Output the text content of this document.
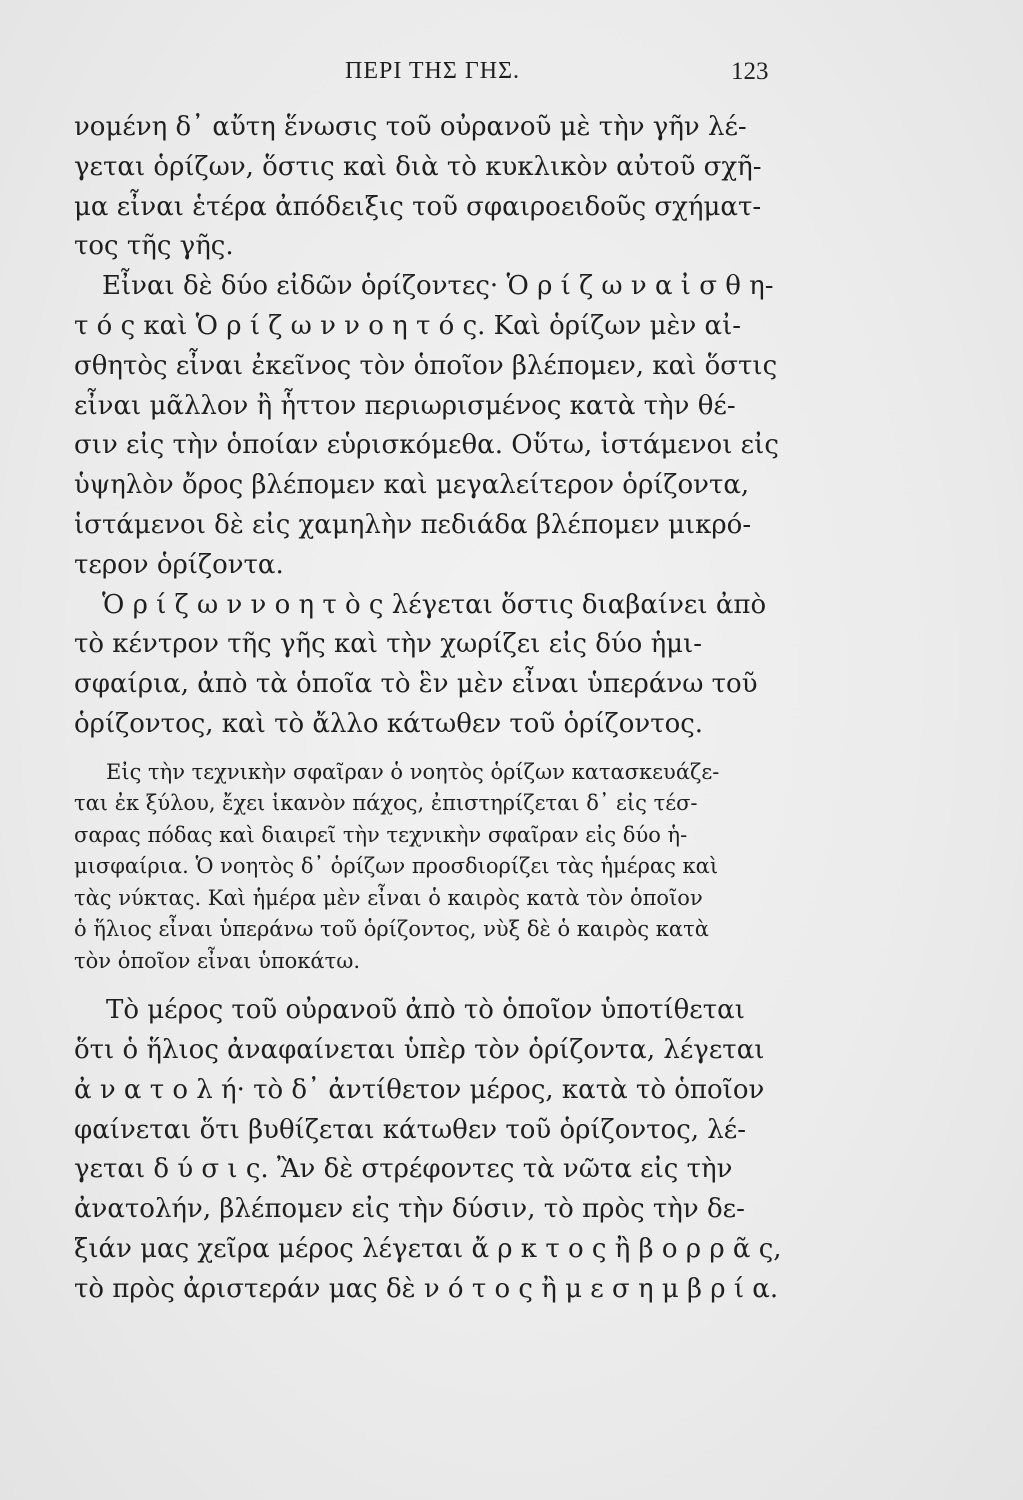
ΠΕΡΙ ΤΗΣ ΓΗΣ.	123
νομένη δ᾽ αὔτη ἕνωσις τοῦ οὐρανοῦ μὲ τὴν γῆν λέ-
γεται ὁρίζων, ὅστις καὶ διὰ τὸ κυκλικὸν αὐτοῦ σχῆ-
μα εἶναι ἑτέρα ἀπόδειξις τοῦ σφαιροειδοῦς σχήματ-
τος τῆς γῆς.
Εἶναι δὲ δύο εἰδῶν ὁρίζοντες· Ὁ ρ ί ζ ω ν α ἰ σ θ η-
τ ό ς καὶ Ὁ ρ ί ζ ω ν ν ο η τ ό ς. Καὶ ὁρίζων μὲν αἰ-
σθητὸς εἶναι ἐκεῖνος τὸν ὁποῖον βλέπομεν, καὶ ὅστις
εἶναι μᾶλλον ἢ ἧττον περιωρισμένος κατὰ τὴν θέ-
σιν εἰς τὴν ὁποίαν εὑρισκόμεθα. Οὕτω, ἱστάμενοι εἰς
ὑψηλὸν ὄρος βλέπομεν καὶ μεγαλείτερον ὁρίζοντα,
ἱστάμενοι δὲ εἰς χαμηλὴν πεδιάδα βλέπομεν μικρό-
τερον ὁρίζοντα.
Ὁ ρ ί ζ ω ν ν ο η τ ὸ ς λέγεται ὅστις διαβαίνει ἀπὸ
τὸ κέντρον τῆς γῆς καὶ τὴν χωρίζει εἰς δύο ἡμι-
σφαίρια, ἀπὸ τὰ ὁποῖα τὸ ἓν μὲν εἶναι ὑπεράνω τοῦ
ὁρίζοντος, καὶ τὸ ἄλλο κάτωθεν τοῦ ὁρίζοντος.
Εἰς τὴν τεχνικὴν σφαῖραν ὁ νοητὸς ὁρίζων κατασκευάζε-
ται ἐκ ξύλου, ἔχει ἱκανὸν πάχος, ἐπιστηρίζεται δ᾽ εἰς τέσ-
σαρας πόδας καὶ διαιρεῖ τὴν τεχνικὴν σφαῖραν εἰς δύο ἡ-
μισφαίρια. Ὁ νοητὸς δ᾽ ὁρίζων προσδιορίζει τὰς ἡμέρας καὶ
τὰς νύκτας. Καὶ ἡμέρα μὲν εἶναι ὁ καιρὸς κατὰ τὸν ὁποῖον
ὁ ἥλιος εἶναι ὑπεράνω τοῦ ὁρίζοντος, νὺξ δὲ ὁ καιρὸς κατὰ
τὸν ὁποῖον εἶναι ὑποκάτω.
Τὸ μέρος τοῦ οὐρανοῦ ἀπὸ τὸ ὁποῖον ὑποτίθεται
ὅτι ὁ ἥλιος ἀναφαίνεται ὑπὲρ τὸν ὁρίζοντα, λέγεται
ἀ ν α τ ο λ ή· τὸ δ᾽ ἀντίθετον μέρος, κατὰ τὸ ὁποῖον
φαίνεται ὅτι βυθίζεται κάτωθεν τοῦ ὁρίζοντος, λέ-
γεται δ ύ σ ι ς. Ἂν δὲ στρέφοντες τὰ νῶτα εἰς τὴν
ἀνατολήν, βλέπομεν εἰς τὴν δύσιν, τὸ πρὸς τὴν δε-
ξιάν μας χεῖρα μέρος λέγεται ἄ ρ κ τ ο ς ἢ β ο ρ ρ ᾶ ς,
τὸ πρὸς ἀριστεράν μας δὲ ν ό τ ο ς ἢ μ ε σ η μ β ρ ί α.
